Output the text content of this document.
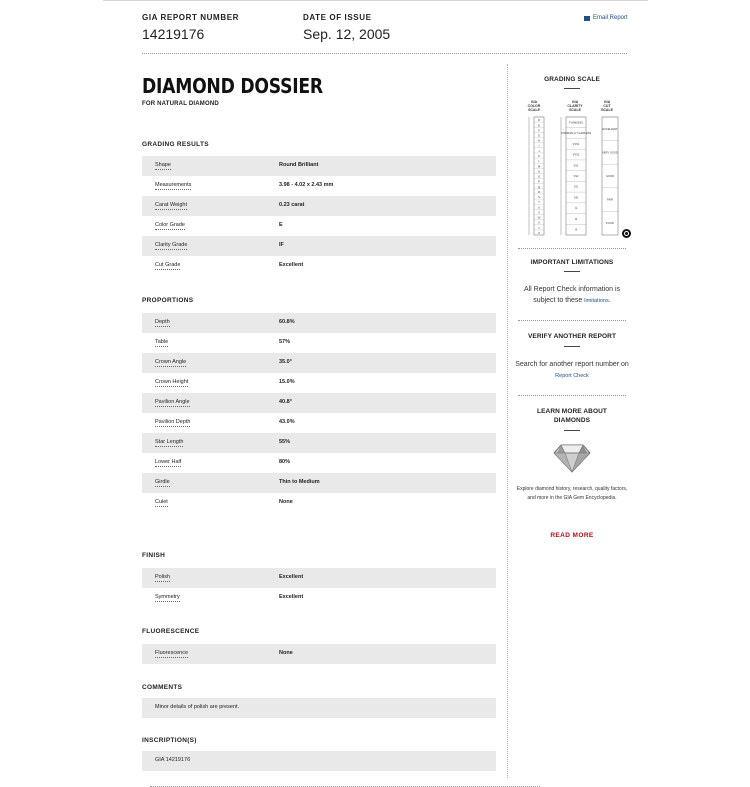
GIA REPORT NUMBER
14219176
DATE OF ISSUE
Sep. 12, 2005
Email Report
DIAMOND DOSSIER
FOR NATURAL DIAMOND
GRADING RESULTS
Shape	Round Brilliant
Measurements	3.98 - 4.02 x 2.43 mm
Carat Weight	0.23 carat
Color Grade	E
Clarity Grade	IF
Cut Grade	Excellent
PROPORTIONS
Depth	60.8%
Table	57%
Crown Angle	35.0°
Crown Height	15.0%
Pavilion Angle	40.8°
Pavilion Depth	43.0%
Star Length	55%
Lower Half	80%
Girdle	Thin to Medium
Culet	None
FINISH
Polish	Excellent
Symmetry	Excellent
FLUORESCENCE
Fluorescence	None
COMMENTS
Minor details of polish are present.
INSCRIPTION(S)
GIA 14219176
GRADING SCALE
GIA COLOR SCALE
GIA CLARITY SCALE
GIA CUT SCALE
D
E
F
G
H
I
J
K
L
M
N
O
P
Q
R
S
T
U
V
W
X
Y
Z
FLAWLESS
INTERNALLY FLAWLESS
VVS1
VVS2
VS1
VS2
SI1
SI2
I1
I2
I3
EXCELLENT
VERY GOOD
GOOD
FAIR
POOR
IMPORTANT LIMITATIONS
All Report Check information is subject to these limitations.
VERIFY ANOTHER REPORT
Search for another report number on Report Check
LEARN MORE ABOUT DIAMONDS
Explore diamond history, research, quality factors, and more in the GIA Gem Encyclopedia.
READ MORE
